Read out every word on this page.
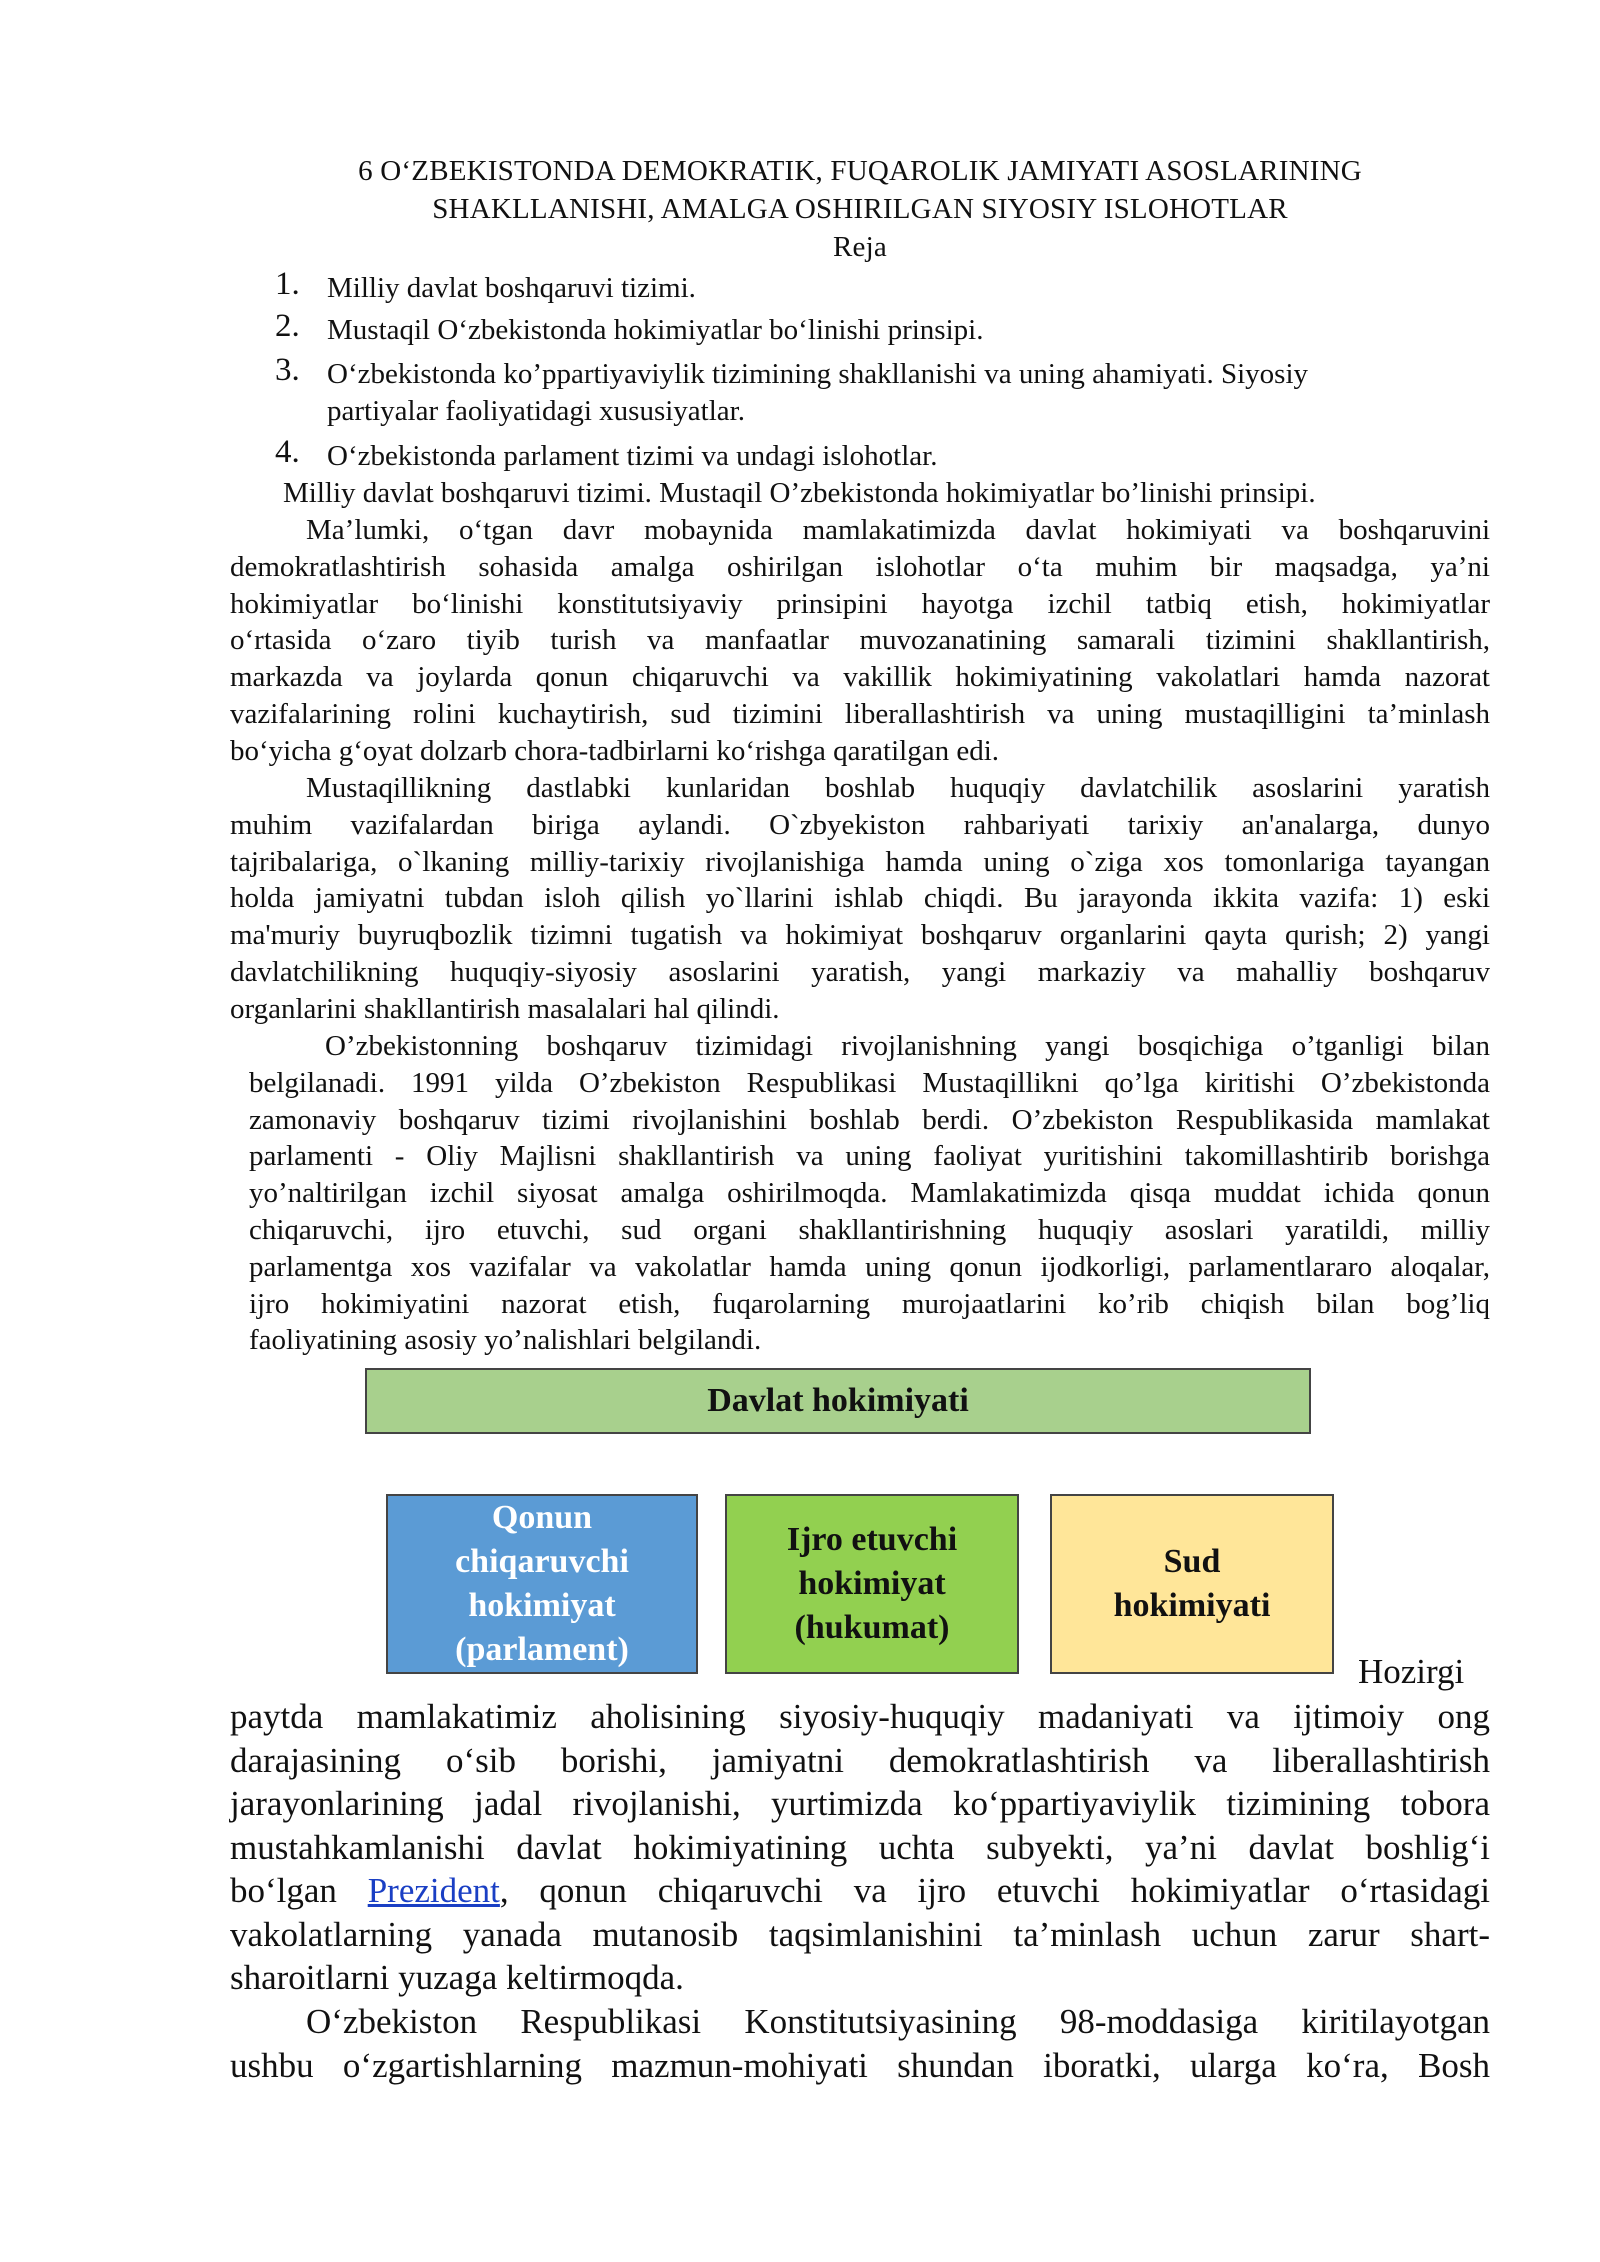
6 O‘ZBEKISTONDA DEMOKRATIK, FUQAROLIK JAMIYATI ASOSLARINING
SHAKLLANISHI, AMALGA OSHIRILGAN SIYOSIY ISLOHOTLAR
Reja
1. Milliy davlat boshqaruvi tizimi.
2. Mustaqil O‘zbekistonda hokimiyatlar bo‘linishi prinsipi.
3. O‘zbekistonda ko’ppartiyaviylik tizimining shakllanishi va uning ahamiyati. Siyosiy
partiyalar faoliyatidagi xususiyatlar.
4. O‘zbekistonda parlament tizimi va undagi islohotlar.
Milliy davlat boshqaruvi tizimi. Mustaqil O’zbekistonda hokimiyatlar bo’linishi prinsipi.
Ma’lumki, o‘tgan davr mobaynida mamlakatimizda davlat hokimiyati va boshqaruvini
demokratlashtirish sohasida amalga oshirilgan islohotlar o‘ta muhim bir maqsadga, ya’ni
hokimiyatlar bo‘linishi konstitutsiyaviy prinsipini hayotga izchil tatbiq etish, hokimiyatlar
o‘rtasida o‘zaro tiyib turish va manfaatlar muvozanatining samarali tizimini shakllantirish,
markazda va joylarda qonun chiqaruvchi va vakillik hokimiyatining vakolatlari hamda nazorat
vazifalarining rolini kuchaytirish, sud tizimini liberallashtirish va uning mustaqilligini ta’minlash
bo‘yicha g‘oyat dolzarb chora-tadbirlarni ko‘rishga qaratilgan edi.
Mustaqillikning dastlabki kunlaridan boshlab huquqiy davlatchilik asoslarini yaratish
muhim vazifalardan biriga aylandi. O`zbyekiston rahbariyati tarixiy an'analarga, dunyo
tajribalariga, o`lkaning milliy-tarixiy rivojlanishiga hamda uning o`ziga xos tomonlariga tayangan
holda jamiyatni tubdan isloh qilish yo`llarini ishlab chiqdi. Bu jarayonda ikkita vazifa: 1) eski
ma'muriy buyruqbozlik tizimni tugatish va hokimiyat boshqaruv organlarini qayta qurish; 2) yangi
davlatchilikning huquqiy-siyosiy asoslarini yaratish, yangi markaziy va mahalliy boshqaruv
organlarini shakllantirish masalalari hal qilindi.
O’zbekistonning boshqaruv tizimidagi rivojlanishning yangi bosqichiga o’tganligi bilan
belgilanadi. 1991 yilda O’zbekiston Respublikasi Mustaqillikni qo’lga kiritishi O’zbekistonda
zamonaviy boshqaruv tizimi rivojlanishini boshlab berdi. O’zbekiston Respublikasida mamlakat
parlamenti - Oliy Majlisni shakllantirish va uning faoliyat yuritishini takomillashtirib borishga
yo’naltirilgan izchil siyosat amalga oshirilmoqda. Mamlakatimizda qisqa muddat ichida qonun
chiqaruvchi, ijro etuvchi, sud organi shakllantirishning huquqiy asoslari yaratildi, milliy
parlamentga xos vazifalar va vakolatlar hamda uning qonun ijodkorligi, parlamentlararo aloqalar,
ijro hokimiyatini nazorat etish, fuqarolarning murojaatlarini ko’rib chiqish bilan bog’liq
faoliyatining asosiy yo’nalishlari belgilandi.
Davlat hokimiyati
Qonun
chiqaruvchi
hokimiyat
(parlament)
Ijro etuvchi
hokimiyat
(hukumat)
Sud
hokimiyati
Hozirgi
paytda mamlakatimiz aholisining siyosiy-huquqiy madaniyati va ijtimoiy ong
darajasining o‘sib borishi, jamiyatni demokratlashtirish va liberallashtirish
jarayonlarining jadal rivojlanishi, yurtimizda ko‘ppartiyaviylik tizimining tobora
mustahkamlanishi davlat hokimiyatining uchta subyekti, ya’ni davlat boshlig‘i
bo‘lgan Prezident, qonun chiqaruvchi va ijro etuvchi hokimiyatlar o‘rtasidagi
vakolatlarning yanada mutanosib taqsimlanishini ta’minlash uchun zarur shart-
sharoitlarni yuzaga keltirmoqda.
O‘zbekiston Respublikasi Konstitutsiyasining 98-moddasiga kiritilayotgan
ushbu o‘zgartishlarning mazmun-mohiyati shundan iboratki, ularga ko‘ra, Bosh
